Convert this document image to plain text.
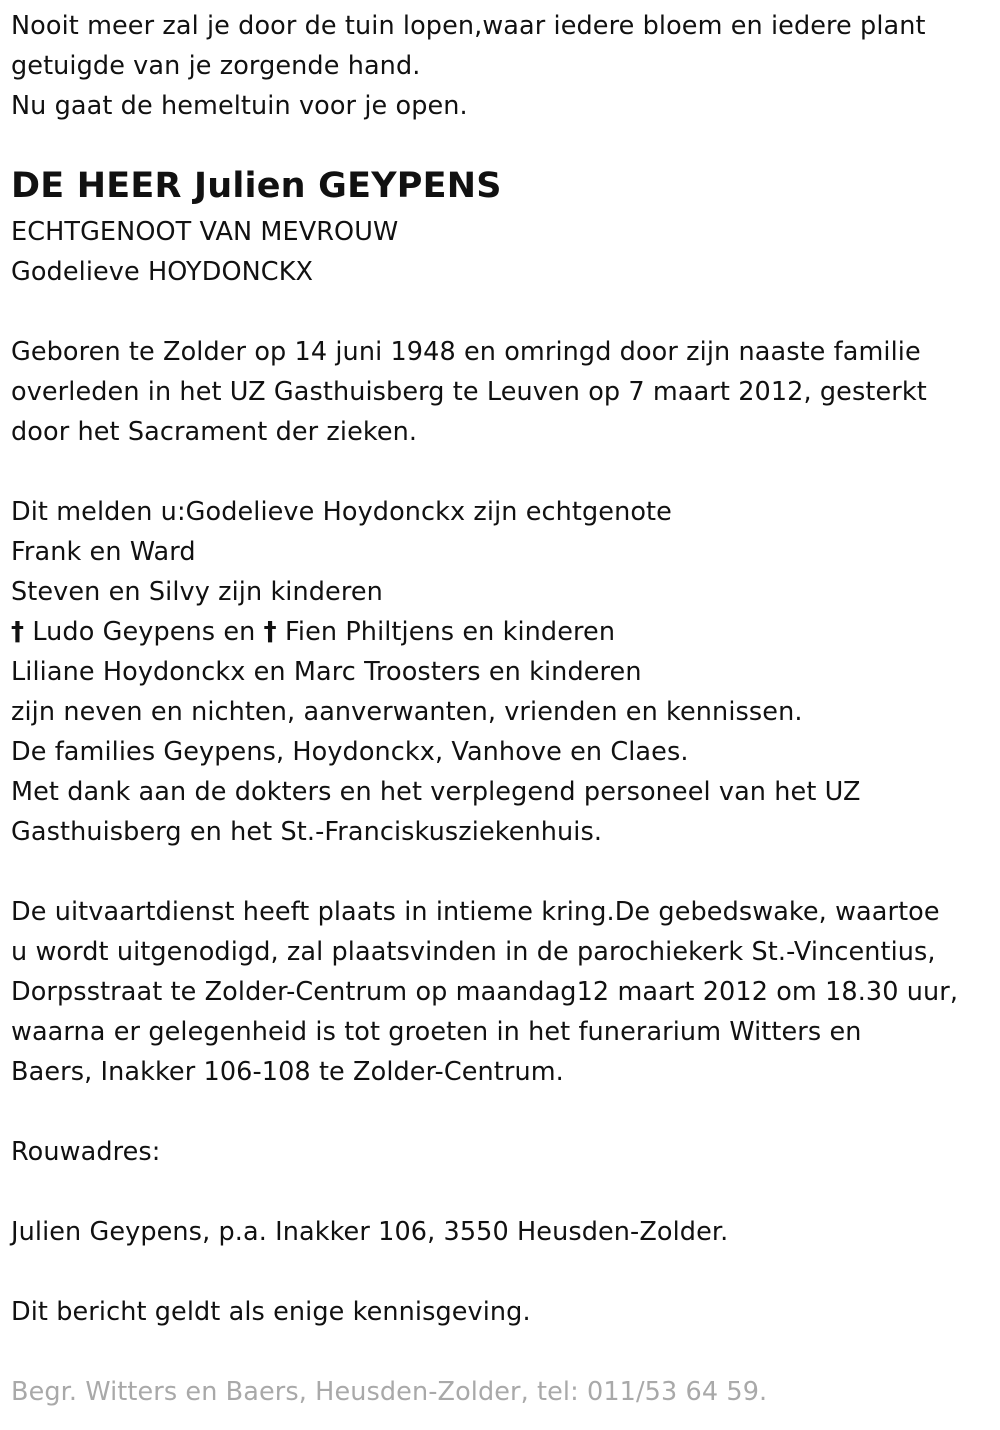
Nooit meer zal je door de tuin lopen,waar iedere bloem en iedere plant
getuigde van je zorgende hand.
Nu gaat de hemeltuin voor je open.
DE HEER Julien GEYPENS
ECHTGENOOT VAN MEVROUW
Godelieve HOYDONCKX
Geboren te Zolder op 14 juni 1948 en omringd door zijn naaste familie
overleden in het UZ Gasthuisberg te Leuven op 7 maart 2012, gesterkt
door het Sacrament der zieken.
Dit melden u:Godelieve Hoydonckx zijn echtgenote
Frank en Ward
Steven en Silvy zijn kinderen
† Ludo Geypens en † Fien Philtjens en kinderen
Liliane Hoydonckx en Marc Troosters en kinderen
zijn neven en nichten, aanverwanten, vrienden en kennissen.
De families Geypens, Hoydonckx, Vanhove en Claes.
Met dank aan de dokters en het verplegend personeel van het UZ
Gasthuisberg en het St.-Franciskusziekenhuis.
De uitvaartdienst heeft plaats in intieme kring.De gebedswake, waartoe
u wordt uitgenodigd, zal plaatsvinden in de parochiekerk St.-Vincentius,
Dorpsstraat te Zolder-Centrum op maandag12 maart 2012 om 18.30 uur,
waarna er gelegenheid is tot groeten in het funerarium Witters en
Baers, Inakker 106-108 te Zolder-Centrum.
Rouwadres:
Julien Geypens, p.a. Inakker 106, 3550 Heusden-Zolder.
Dit bericht geldt als enige kennisgeving.
Begr. Witters en Baers, Heusden-Zolder, tel: 011/53 64 59.
